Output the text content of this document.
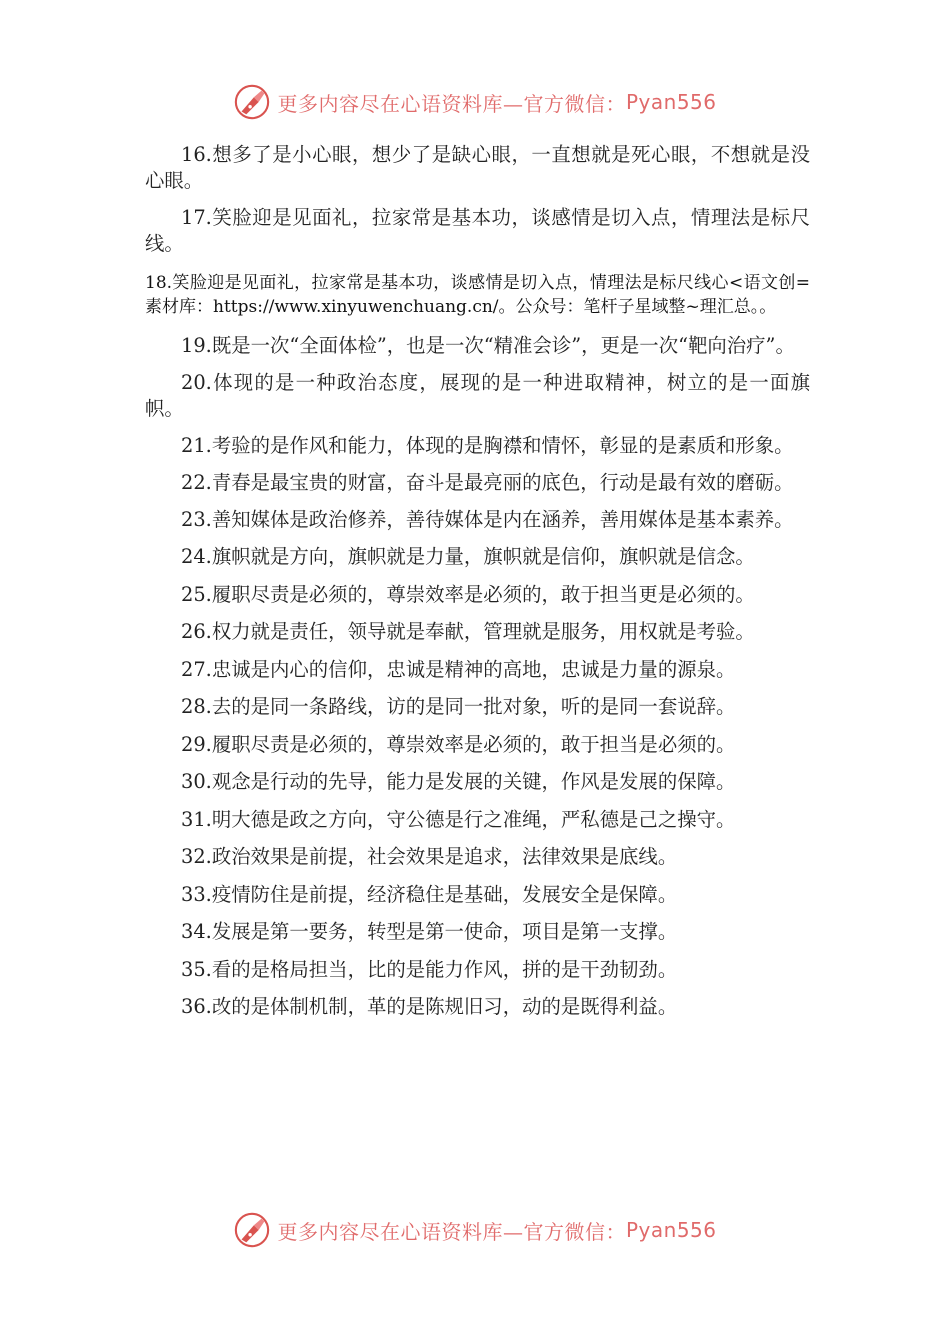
更多内容尽在心语资料库—官方微信： Pyan556

16.想多了是小心眼，想少了是缺心眼，一直想就是死心眼，不想就是没心眼。

17.笑脸迎是见面礼，拉家常是基本功，谈感情是切入点，情理法是标尺线。

18.笑脸迎是见面礼，拉家常是基本功，谈感情是切入点，情理法是标尺线心<语文创=素材库：https://www.xinyuwenchuang.cn/。公众号：笔杆子星域整~理汇总。。

19.既是一次“全面体检”，也是一次“精准会诊”，更是一次“靶向治疗”。

20.体现的是一种政治态度，展现的是一种进取精神，树立的是一面旗帜。

21.考验的是作风和能力，体现的是胸襟和情怀，彰显的是素质和形象。

22.青春是最宝贵的财富，奋斗是最亮丽的底色，行动是最有效的磨砺。

23.善知媒体是政治修养，善待媒体是内在涵养，善用媒体是基本素养。

24.旗帜就是方向，旗帜就是力量，旗帜就是信仰，旗帜就是信念。

25.履职尽责是必须的，尊崇效率是必须的，敢于担当更是必须的。

26.权力就是责任，领导就是奉献，管理就是服务，用权就是考验。

27.忠诚是内心的信仰，忠诚是精神的高地，忠诚是力量的源泉。

28.去的是同一条路线，访的是同一批对象，听的是同一套说辞。

29.履职尽责是必须的，尊崇效率是必须的，敢于担当是必须的。

30.观念是行动的先导，能力是发展的关键，作风是发展的保障。

31.明大德是政之方向，守公德是行之准绳，严私德是己之操守。

32.政治效果是前提，社会效果是追求，法律效果是底线。

33.疫情防住是前提，经济稳住是基础，发展安全是保障。

34.发展是第一要务，转型是第一使命，项目是第一支撑。

35.看的是格局担当，比的是能力作风，拼的是干劲韧劲。

36.改的是体制机制，革的是陈规旧习，动的是既得利益。

更多内容尽在心语资料库—官方微信： Pyan556
